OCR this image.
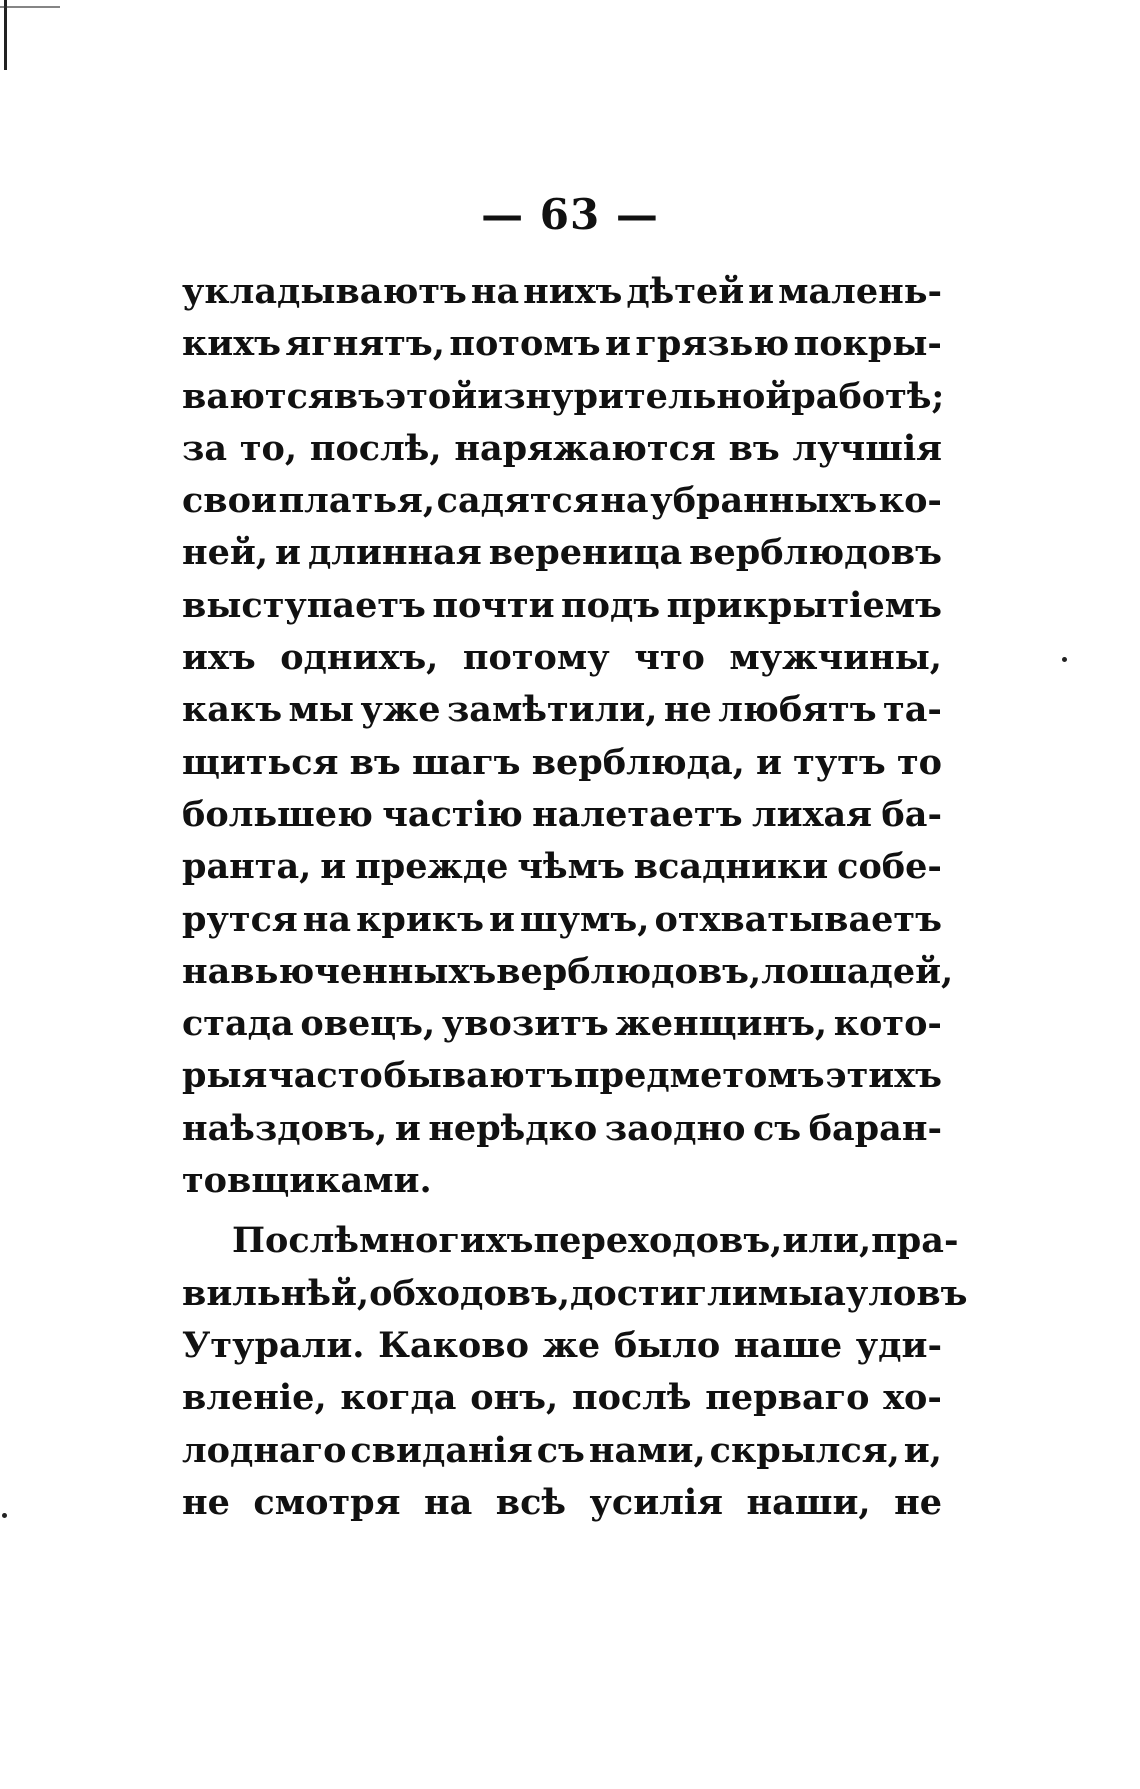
— 63 —
укладываютъ на нихъ дѣтей и малень-
кихъ ягнятъ, потомъ и грязью покры-
ваются въ этой изнурительной работѣ;
за то, послѣ, наряжаются въ лучшія
свои платья, садятся на убранныхъ ко-
ней, и длинная вереница верблюдовъ
выступаетъ почти подъ прикрытіемъ
ихъ однихъ, потому что мужчины,
какъ мы уже замѣтили, не любятъ та-
щиться въ шагъ верблюда, и тутъ то
большею частію налетаетъ лихая ба-
ранта, и прежде чѣмъ всадники собе-
рутся на крикъ и шумъ, отхватываетъ
навьюченныхъ верблюдовъ, лошадей,
стада овецъ, увозитъ женщинъ, кото-
рыя часто бываютъ предметомъ этихъ
наѣздовъ, и нерѣдко заодно съ баран-
товщиками.
Послѣ многихъ переходовъ, или, пра-
вильнѣй, обходовъ, достигли мы ауловъ
Утурали. Каково же было наше уди-
вленіе, когда онъ, послѣ перваго хо-
лоднаго свиданія съ нами, скрылся, и,
не смотря на всѣ усилія наши, не
